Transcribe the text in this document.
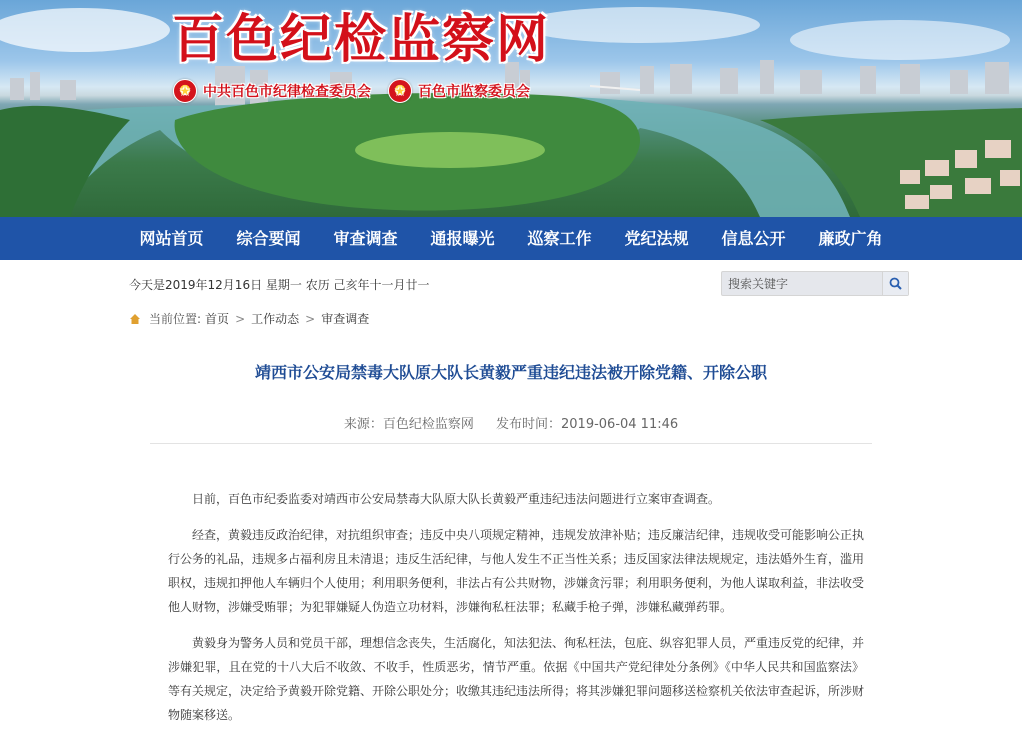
百色纪检监察网
★ 中共百色市纪律检查委员会	★ 百色市监察委员会
网站首页	综合要闻	审查调查	通报曝光	巡察工作	党纪法规	信息公开	廉政广角
今天是2019年12月16日 星期一 农历 己亥年十一月廿一
搜索关键字
当前位置: 首页 > 工作动态 > 审查调查
靖西市公安局禁毒大队原大队长黄毅严重违纪违法被开除党籍、开除公职
来源：百色纪检监察网 发布时间：2019-06-04 11:46

日前，百色市纪委监委对靖西市公安局禁毒大队原大队长黄毅严重违纪违法问题进行立案审查调查。

经查，黄毅违反政治纪律，对抗组织审查；违反中央八项规定精神，违规发放津补贴；违反廉洁纪律，违规收受可能影响公正执行公务的礼品，违规多占福利房且未清退；违反生活纪律，与他人发生不正当性关系；违反国家法律法规规定，违法婚外生育，滥用职权，违规扣押他人车辆归个人使用；利用职务便利，非法占有公共财物，涉嫌贪污罪；利用职务便利，为他人谋取利益，非法收受他人财物，涉嫌受贿罪；为犯罪嫌疑人伪造立功材料，涉嫌徇私枉法罪；私藏手枪子弹，涉嫌私藏弹药罪。

黄毅身为警务人员和党员干部，理想信念丧失，生活腐化，知法犯法、徇私枉法，包庇、纵容犯罪人员，严重违反党的纪律，并涉嫌犯罪，且在党的十八大后不收敛、不收手，性质恶劣，情节严重。依据《中国共产党纪律处分条例》《中华人民共和国监察法》等有关规定，决定给予黄毅开除党籍、开除公职处分；收缴其违纪违法所得；将其涉嫌犯罪问题移送检察机关依法审查起诉，所涉财物随案移送。
